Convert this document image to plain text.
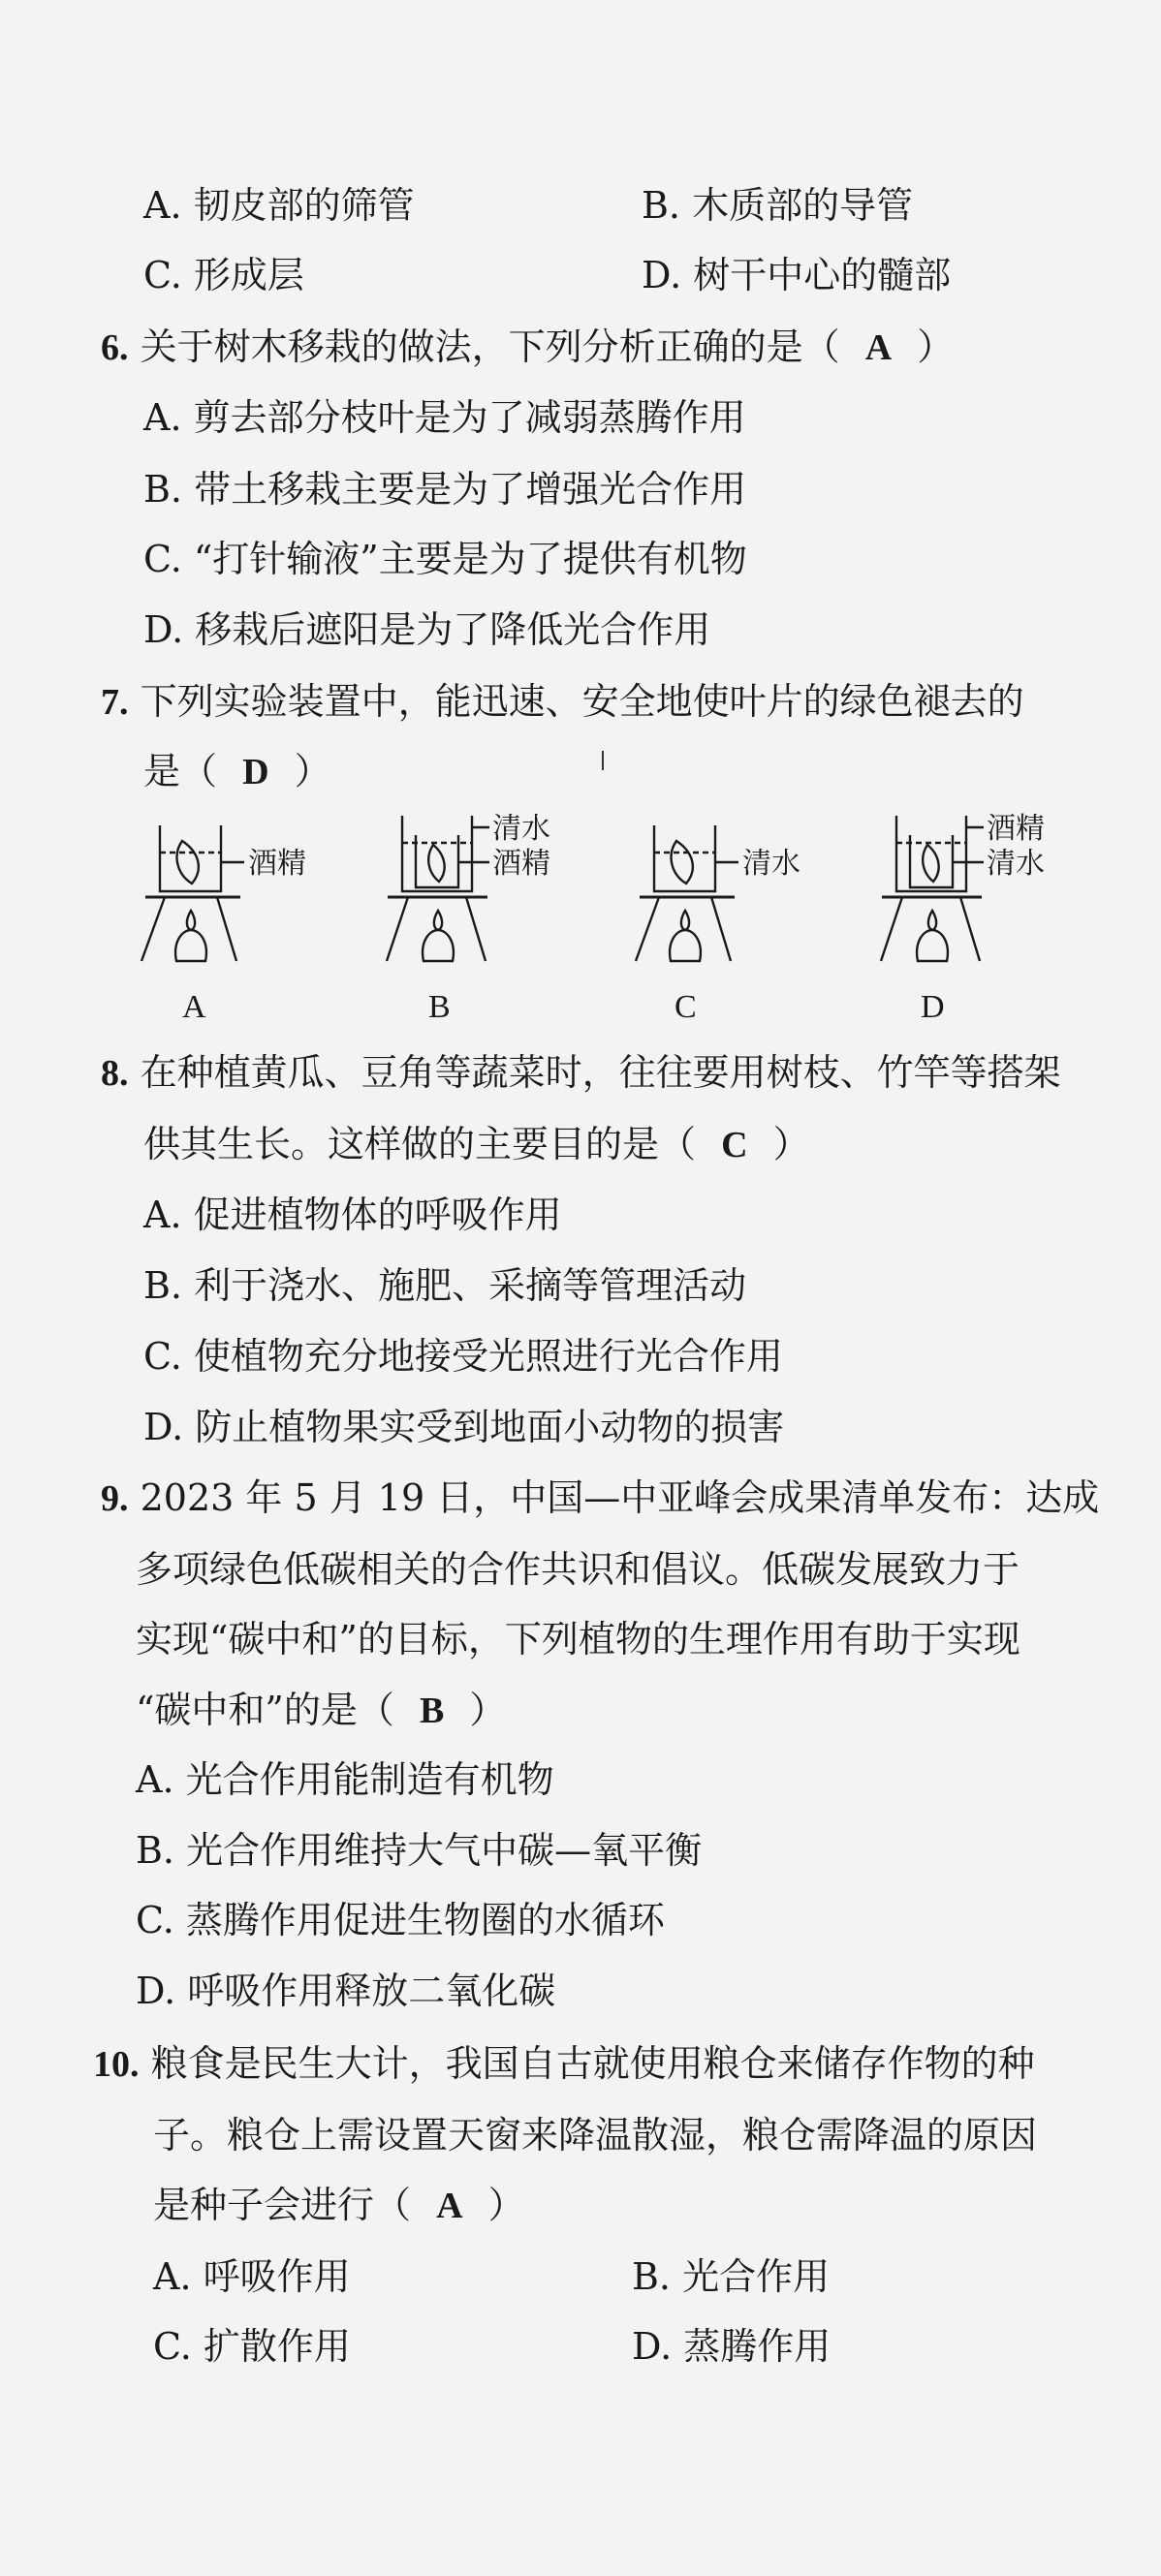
A. 韧皮部的筛管	B. 木质部的导管
C. 形成层	D. 树干中心的髓部
6. 关于树木移栽的做法，下列分析正确的是（ A ）
A. 剪去部分枝叶是为了减弱蒸腾作用
B. 带土移栽主要是为了增强光合作用
C. “打针输液”主要是为了提供有机物
D. 移栽后遮阳是为了降低光合作用
7. 下列实验装置中，能迅速、安全地使叶片的绿色褪去的
是（ D ）
酒精
清水
酒精	清水
酒精
清水
A	B	C	D
8. 在种植黄瓜、豆角等蔬菜时，往往要用树枝、竹竿等搭架
供其生长。这样做的主要目的是（ C ）
A. 促进植物体的呼吸作用
B. 利于浇水、施肥、采摘等管理活动
C. 使植物充分地接受光照进行光合作用
D. 防止植物果实受到地面小动物的损害
9. 2023 年 5 月 19 日，中国—中亚峰会成果清单发布：达成
多项绿色低碳相关的合作共识和倡议。低碳发展致力于
实现“碳中和”的目标，下列植物的生理作用有助于实现
“碳中和”的是（ B ）
A. 光合作用能制造有机物
B. 光合作用维持大气中碳—氧平衡
C. 蒸腾作用促进生物圈的水循环
D. 呼吸作用释放二氧化碳
10. 粮食是民生大计，我国自古就使用粮仓来储存作物的种
子。粮仓上需设置天窗来降温散湿，粮仓需降温的原因
是种子会进行（ A ）
A. 呼吸作用	B. 光合作用
C. 扩散作用	D. 蒸腾作用
